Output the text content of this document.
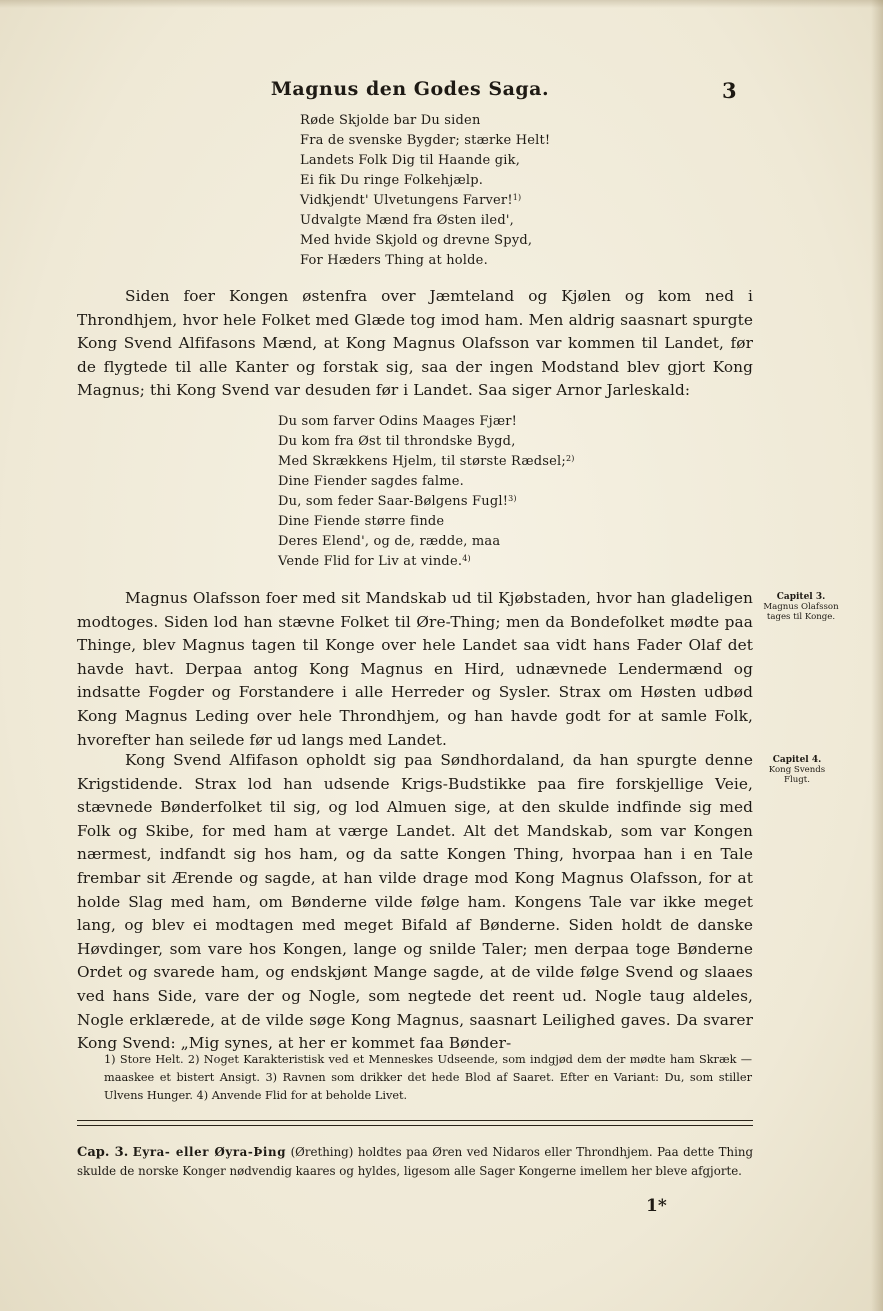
Magnus den Godes Saga.	3
Røde Skjolde bar Du siden
Fra de svenske Bygder; stærke Helt!
Landets Folk Dig til Haande gik,
Ei fik Du ringe Folkehjælp.
Vidkjendt' Ulvetungens Farver!$^{1)}$
Udvalgte Mænd fra Østen iled',
Med hvide Skjold og drevne Spyd,
For Hæders Thing at holde.

Siden foer Kongen østenfra over Jæmteland og Kjølen og kom ned i Throndhjem, hvor hele Folket med Glæde tog imod ham. Men aldrig saasnart spurgte Kong Svend Alfifasons Mænd, at Kong Magnus Olafsson var kommen til Landet, før de flygtede til alle Kanter og forstak sig, saa der ingen Modstand blev gjort Kong Magnus; thi Kong Svend var desuden før i Landet. Saa siger Arnor Jarleskald:

Du som farver Odins Maages Fjær!
Du kom fra Øst til throndske Bygd,
Med Skrækkens Hjelm, til største Rædsel;$^{2)}$
Dine Fiender sagdes falme.
Du, som feder Saar-Bølgens Fugl!$^{3)}$
Dine Fiende større finde
Deres Elend', og de, rædde, maa
Vende Flid for Liv at vinde.$^{4)}$

Magnus Olafsson foer med sit Mandskab ud til Kjøbstaden, hvor han gladeligen modtoges. Siden lod han stævne Folket til Øre-Thing; men da Bondefolket mødte paa Thinge, blev Magnus tagen til Konge over hele Landet saa vidt hans Fader Olaf det havde havt. Derpaa antog Kong Magnus en Hird, udnævnede Lendermænd og indsatte Fogder og Forstandere i alle Herreder og Sysler. Strax om Høsten udbød Kong Magnus Leding over hele Throndhjem, og han havde godt for at samle Folk, hvorefter han seilede før ud langs med Landet.

Capitel 3.
Magnus Olafsson tages til Konge.

Kong Svend Alfifason opholdt sig paa Søndhordaland, da han spurgte denne Krigstidende. Strax lod han udsende Krigs-Budstikke paa fire forskjellige Veie, stævnede Bønderfolket til sig, og lod Almuen sige, at den skulde indfinde sig med Folk og Skibe, for med ham at værge Landet. Alt det Mandskab, som var Kongen nærmest, indfandt sig hos ham, og da satte Kongen Thing, hvorpaa han i en Tale frembar sit Ærende og sagde, at han vilde drage mod Kong Magnus Olafsson, for at holde Slag med ham, om Bønderne vilde følge ham. Kongens Tale var ikke meget lang, og blev ei modtagen med meget Bifald af Bønderne. Siden holdt de danske Høvdinger, som vare hos Kongen, lange og snilde Taler; men derpaa toge Bønderne Ordet og svarede ham, og endskjønt Mange sagde, at de vilde følge Svend og slaaes ved hans Side, vare der og Nogle, som negtede det reent ud. Nogle taug aldeles, Nogle erklærede, at de vilde søge Kong Magnus, saasnart Leilighed gaves. Da svarer Kong Svend: „Mig synes, at her er kommet faa Bønder-

Capitel 4.
Kong Svends Flugt.

1) Store Helt. 2) Noget Karakteristisk ved et Menneskes Udseende, som indgjød dem der mødte ham Skræk — maaskee et bistert Ansigt. 3) Ravnen som drikker det hede Blod af Saaret. Efter en Variant: Du, som stiller Ulvens Hunger. 4) Anvende Flid for at beholde Livet.

Cap. 3. Eyra- eller Øyra-Þing (Ørething) holdtes paa Øren ved Nidaros eller Throndhjem. Paa dette Thing skulde de norske Konger nødvendig kaares og hyldes, ligesom alle Sager Kongerne imellem her bleve afgjorte.

1*
